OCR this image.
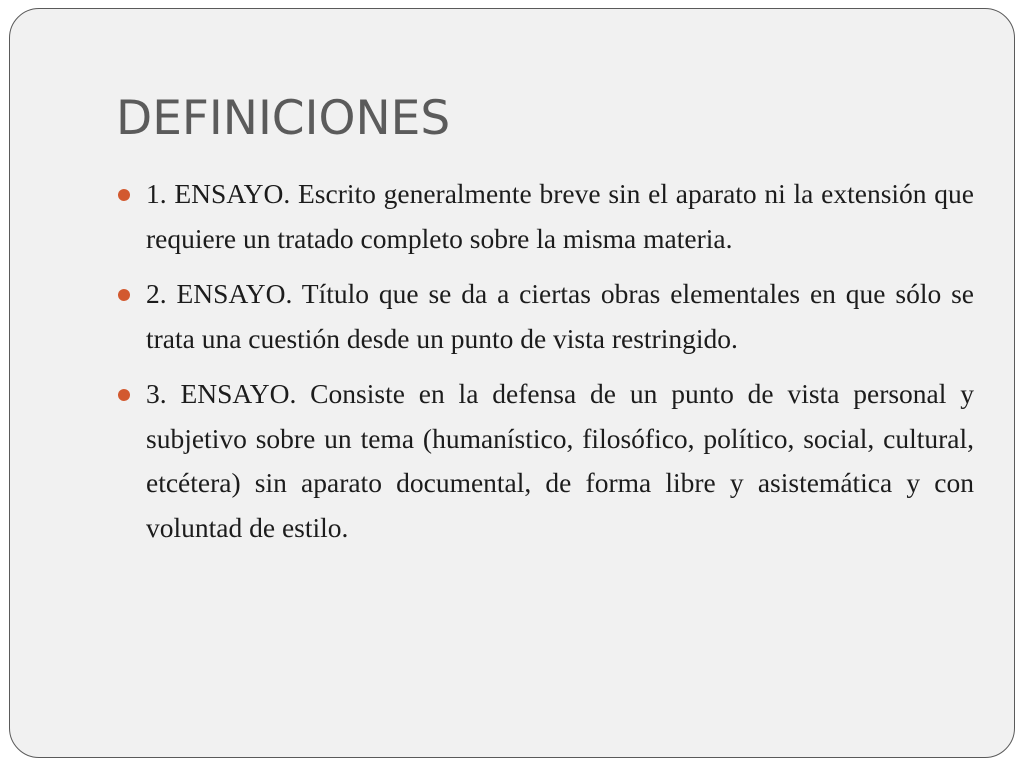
DEFINICIONES
1. ENSAYO. Escrito generalmente breve sin el aparato ni la extensión que requiere un tratado completo sobre la misma materia.
2. ENSAYO. Título que se da a ciertas obras elementales en que sólo se trata una cuestión desde un punto de vista restringido.
3. ENSAYO. Consiste en la defensa de un punto de vista personal y subjetivo sobre un tema (humanístico, filosófico, político, social, cultural, etcétera) sin aparato documental, de forma libre y asistemática y con voluntad de estilo.
